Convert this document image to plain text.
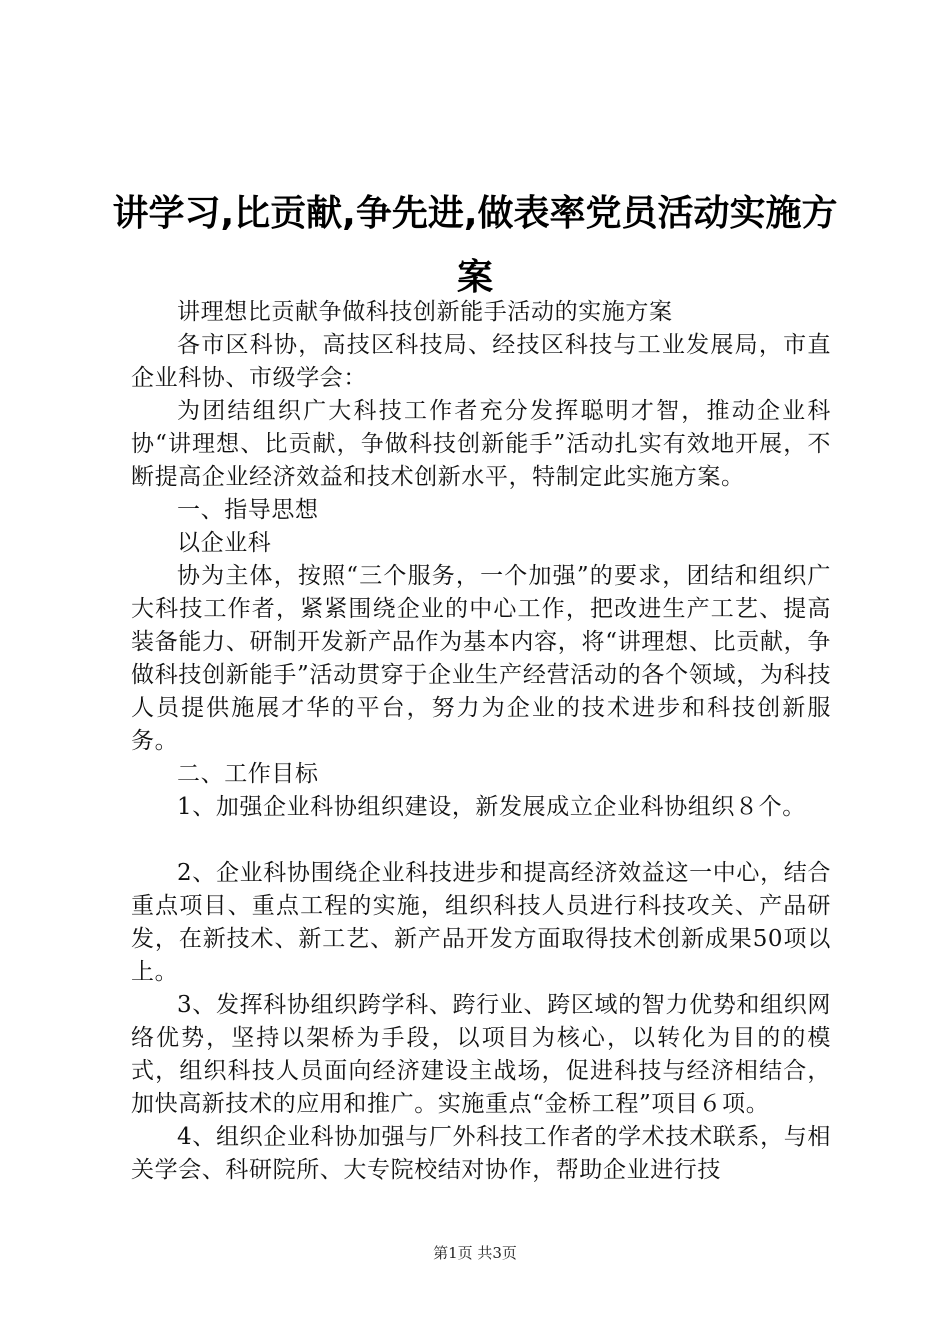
讲学习,比贡献,争先进,做表率党员活动实施方案

讲理想比贡献争做科技创新能手活动的实施方案

各市区科协，高技区科技局、经技区科技与工业发展局，市直企业科协、市级学会：

为团结组织广大科技工作者充分发挥聪明才智，推动企业科协“讲理想、比贡献，争做科技创新能手”活动扎实有效地开展，不断提高企业经济效益和技术创新水平，特制定此实施方案。

一、指导思想

以企业科

协为主体，按照“三个服务，一个加强”的要求，团结和组织广大科技工作者，紧紧围绕企业的中心工作，把改进生产工艺、提高装备能力、研制开发新产品作为基本内容，将“讲理想、比贡献，争做科技创新能手”活动贯穿于企业生产经营活动的各个领域，为科技人员提供施展才华的平台，努力为企业的技术进步和科技创新服务。

二、工作目标

1、加强企业科协组织建设，新发展成立企业科协组织８个。

2、企业科协围绕企业科技进步和提高经济效益这一中心，结合重点项目、重点工程的实施，组织科技人员进行科技攻关、产品研发，在新技术、新工艺、新产品开发方面取得技术创新成果50项以上。

3、发挥科协组织跨学科、跨行业、跨区域的智力优势和组织网络优势，坚持以架桥为手段，以项目为核心，以转化为目的的模式，组织科技人员面向经济建设主战场，促进科技与经济相结合，加快高新技术的应用和推广。实施重点“金桥工程”项目６项。

4、组织企业科协加强与厂外科技工作者的学术技术联系，与相关学会、科研院所、大专院校结对协作，帮助企业进行技

第1页 共3页
